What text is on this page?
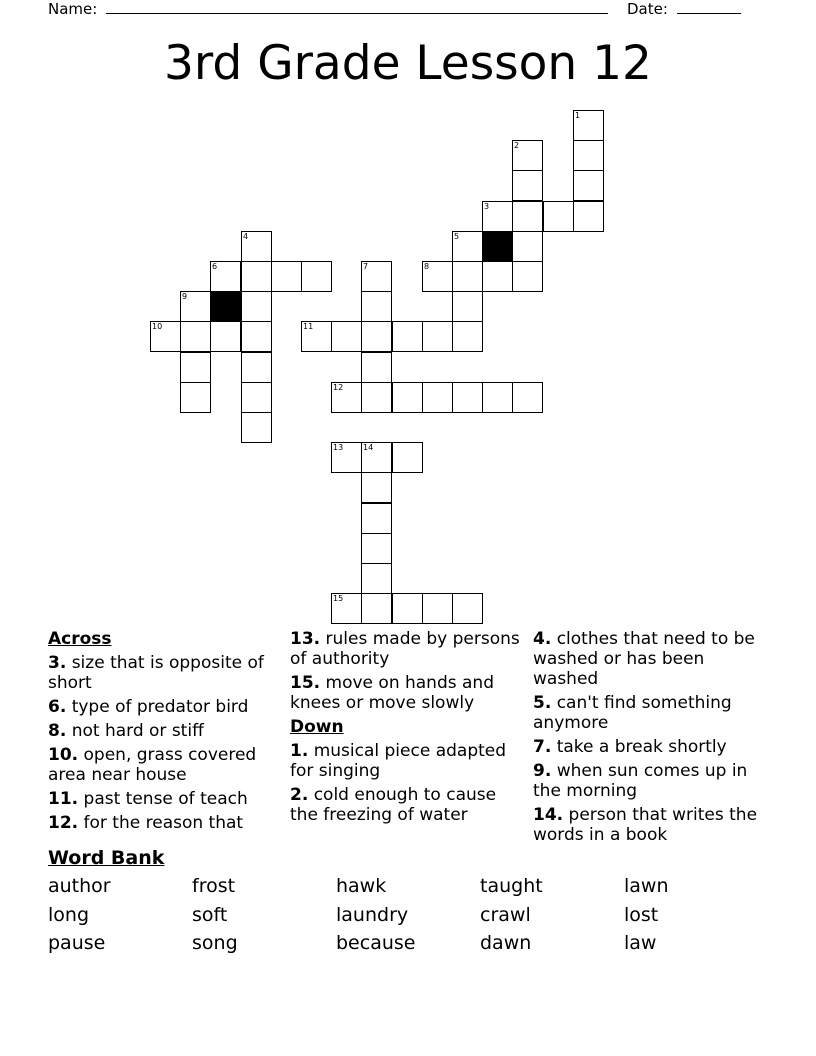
Name:	Date:
3rd Grade Lesson 12
1
2
3
4	5
6	7	8
9
10	11
12
13 14
15
Across
3. size that is opposite of short
6. type of predator bird
8. not hard or stiff
10. open, grass covered area near house
11. past tense of teach
12. for the reason that
13. rules made by persons of authority
15. move on hands and knees or move slowly
Down
1. musical piece adapted for singing
2. cold enough to cause the freezing of water
4. clothes that need to be washed or has been washed
5. can't find something anymore
7. take a break shortly
9. when sun comes up in the morning
14. person that writes the words in a book
Word Bank
author	frost	hawk	taught	lawn
long	soft	laundry	crawl	lost
pause	song	because	dawn	law
